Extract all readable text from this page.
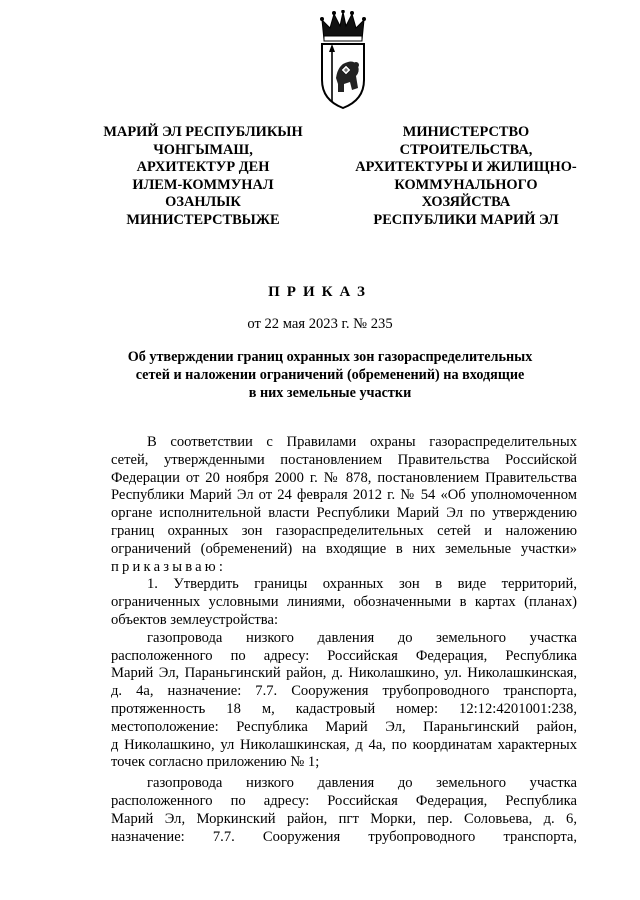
МАРИЙ ЭЛ РЕСПУБЛИКЫН
ЧОНГЫМАШ,
АРХИТЕКТУР ДЕН
ИЛЕМ-КОММУНАЛ
ОЗАНЛЫК
МИНИСТЕРСТВЫЖЕ
МИНИСТЕРСТВО
СТРОИТЕЛЬСТВА,
АРХИТЕКТУРЫ И ЖИЛИЩНО-
КОММУНАЛЬНОГО
ХОЗЯЙСТВА
РЕСПУБЛИКИ МАРИЙ ЭЛ
ПРИКАЗ
от 22 мая 2023 г. № 235
Об утверждении границ охранных зон газораспределительных
сетей и наложении ограничений (обременений) на входящие
в них земельные участки
В соответствии с Правилами охраны газораспределительных
сетей, утвержденными постановлением Правительства Российской
Федерации от 20 ноября 2000 г. № 878, постановлением Правительства
Республики Марий Эл от 24 февраля 2012 г. № 54 «Об уполномоченном
органе исполнительной власти Республики Марий Эл по утверждению
границ охранных зон газораспределительных сетей и наложению
ограничений (обременений) на входящие в них земельные участки»
приказываю:
1. Утвердить границы охранных зон в виде территорий,
ограниченных условными линиями, обозначенными в картах (планах)
объектов землеустройства:
газопровода низкого давления до земельного участка
расположенного по адресу: Российская Федерация, Республика
Марий Эл, Параньгинский район, д. Николашкино, ул. Николашкинская,
д. 4а, назначение: 7.7. Сооружения трубопроводного транспорта,
протяженность 18 м, кадастровый номер: 12:12:4201001:238,
местоположение: Республика Марий Эл, Параньгинский район,
д Николашкино, ул Николашкинская, д 4а, по координатам характерных
точек согласно приложению № 1;
газопровода низкого давления до земельного участка
расположенного по адресу: Российская Федерация, Республика
Марий Эл, Моркинский район, пгт Морки, пер. Соловьева, д. 6,
назначение: 7.7. Сооружения трубопроводного транспорта,
